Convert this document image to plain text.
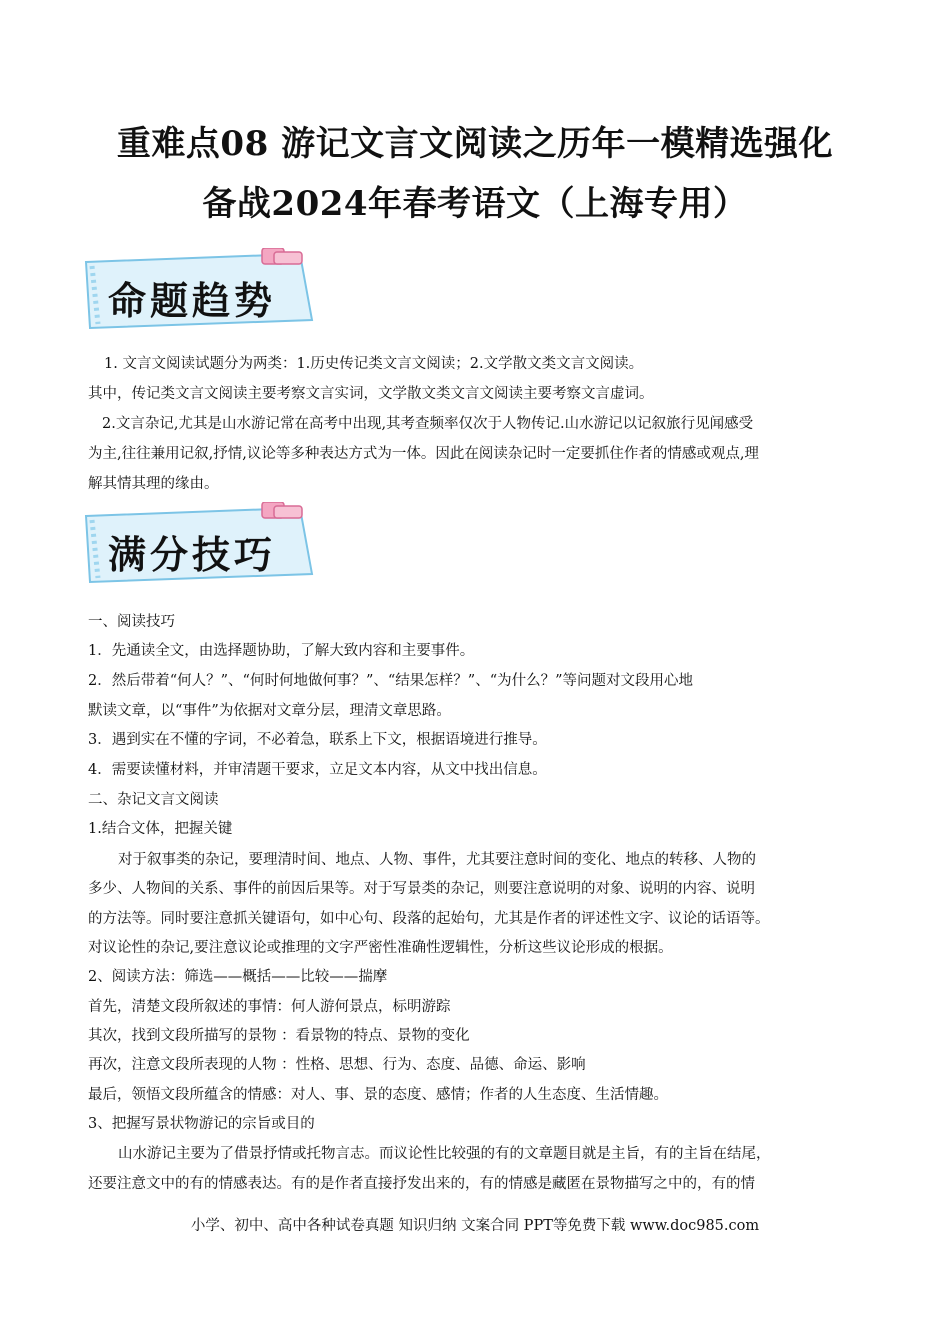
重难点08 游记文言文阅读之历年一模精选强化
备战2024年春考语文（上海专用）
命题趋势
1. 文言文阅读试题分为两类：1.历史传记类文言文阅读；2.文学散文类文言文阅读。
其中，传记类文言文阅读主要考察文言实词，文学散文类文言文阅读主要考察文言虚词。
2.文言杂记,尤其是山水游记常在高考中出现,其考查频率仅次于人物传记.山水游记以记叙旅行见闻感受
为主,往往兼用记叙,抒情,议论等多种表达方式为一体。因此在阅读杂记时一定要抓住作者的情感或观点,理
解其情其理的缘由。
满分技巧
一、阅读技巧
1．先通读全文，由选择题协助，了解大致内容和主要事件。
2．然后带着“何人？”、“何时何地做何事？”、“结果怎样？”、“为什么？”等问题对文段用心地
默读文章，以“事件”为依据对文章分层，理清文章思路。
3．遇到实在不懂的字词，不必着急，联系上下文，根据语境进行推导。
4．需要读懂材料，并审清题干要求，立足文本内容，从文中找出信息。
二、杂记文言文阅读
1.结合文体，把握关键
对于叙事类的杂记，要理清时间、地点、人物、事件，尤其要注意时间的变化、地点的转移、人物的
多少、人物间的关系、事件的前因后果等。对于写景类的杂记，则要注意说明的对象、说明的内容、说明
的方法等。同时要注意抓关键语句，如中心句、段落的起始句，尤其是作者的评述性文字、议论的话语等。
对议论性的杂记,要注意议论或推理的文字严密性准确性逻辑性，分析这些议论形成的根据。
2、阅读方法：筛选——概括——比较——揣摩
首先，清楚文段所叙述的事情：何人游何景点，标明游踪
其次，找到文段所描写的景物 ：看景物的特点、景物的变化
再次，注意文段所表现的人物 ：性格、思想、行为、态度、品德、命运、影响
最后，领悟文段所蕴含的情感：对人、事、景的态度、感情；作者的人生态度、生活情趣。
3、把握写景状物游记的宗旨或目的
山水游记主要为了借景抒情或托物言志。而议论性比较强的有的文章题目就是主旨，有的主旨在结尾，
还要注意文中的有的情感表达。有的是作者直接抒发出来的，有的情感是藏匿在景物描写之中的，有的情
小学、初中、高中各种试卷真题 知识归纳 文案合同 PPT等免费下载 www.doc985.com
